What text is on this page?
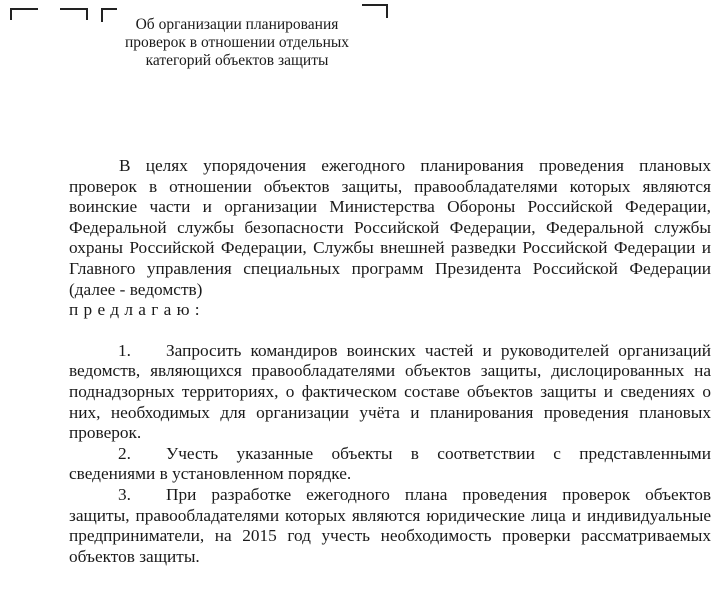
Об организации планирования
проверок в отношении отдельных
категорий объектов защиты

В целях упорядочения ежегодного планирования проведения плановых проверок в отношении объектов защиты, правообладателями которых являются воинские части и организации Министерства Обороны Российской Федерации, Федеральной службы безопасности Российской Федерации, Федеральной службы охраны Российской Федерации, Службы внешней разведки Российской Федерации и Главного управления специальных программ Президента Российской Федерации (далее - ведомств)

предлагаю:

1. Запросить командиров воинских частей и руководителей организаций ведомств, являющихся правообладателями объектов защиты, дислоцированных на поднадзорных территориях, о фактическом составе объектов защиты и сведениях о них, необходимых для организации учёта и планирования проведения плановых проверок.

2. Учесть указанные объекты в соответствии с представленными сведениями в установленном порядке.

3. При разработке ежегодного плана проведения проверок объектов защиты, правообладателями которых являются юридические лица и индивидуальные предприниматели, на 2015 год учесть необходимость проверки рассматриваемых объектов защиты.
